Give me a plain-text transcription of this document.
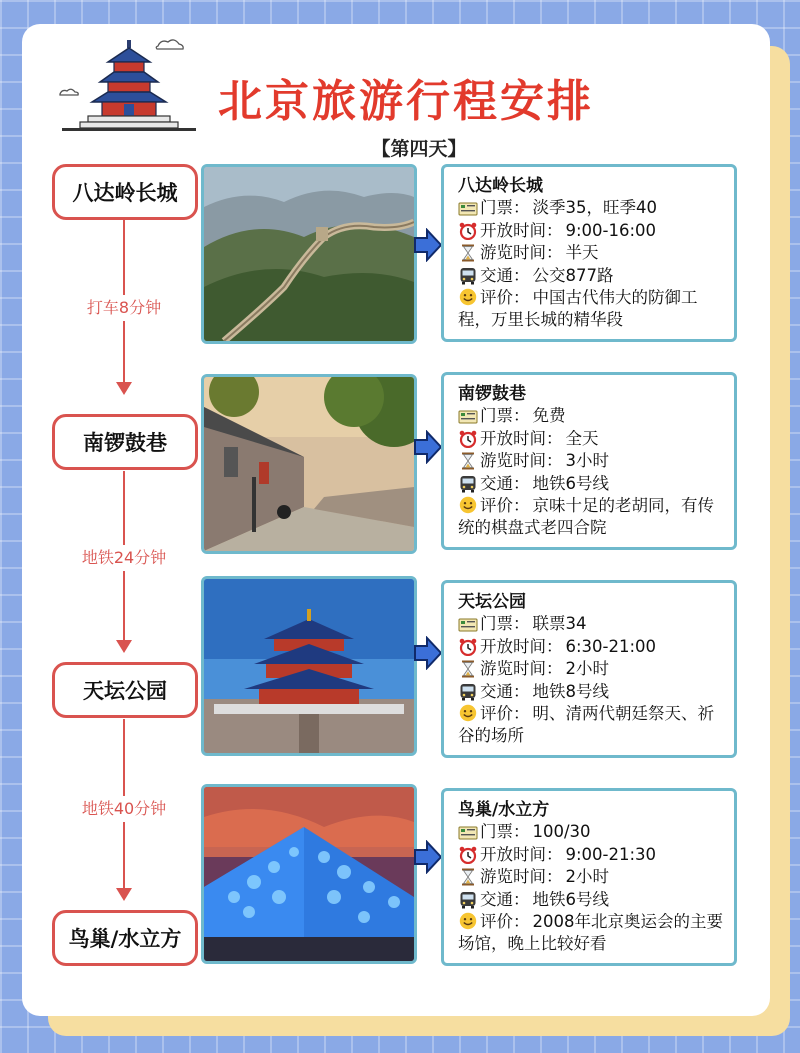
北京旅游行程安排
【第四天】
打车8分钟
地铁24分钟
地铁40分钟
八达岭长城
南锣鼓巷
天坛公园
鸟巢/水立方
八达岭长城
门票： 淡季35，旺季40
开放时间： 9:00-16:00
游览时间： 半天
交通： 公交877路
评价： 中国古代伟大的防御工程，万里长城的精华段
南锣鼓巷
门票： 免费
开放时间： 全天
游览时间： 3小时
交通： 地铁6号线
评价： 京味十足的老胡同，有传统的棋盘式老四合院
天坛公园
门票： 联票34
开放时间： 6:30-21:00
游览时间： 2小时
交通： 地铁8号线
评价： 明、清两代朝廷祭天、祈谷的场所
鸟巢/水立方
门票： 100/30
开放时间： 9:00-21:30
游览时间： 2小时
交通： 地铁6号线
评价： 2008年北京奥运会的主要场馆，晚上比较好看
